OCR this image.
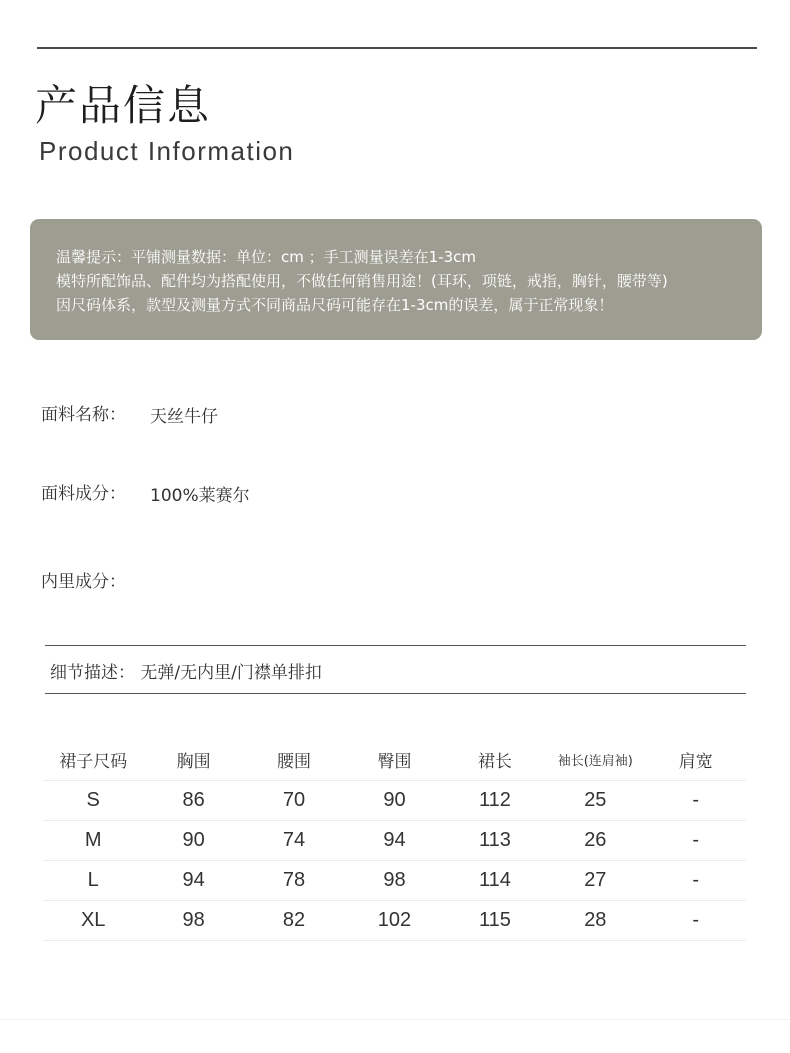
产品信息
Product Information
温馨提示：平铺测量数据：单位：cm ；手工测量误差在1-3cm
模特所配饰品、配件均为搭配使用，不做任何销售用途！(耳环，项链，戒指，胸针，腰带等)
因尺码体系，款型及测量方式不同商品尺码可能存在1-3cm的误差，属于正常现象！
面料名称： 天丝牛仔
面料成分： 100%莱赛尔
内里成分：
细节描述： 无弹/无内里/门襟单排扣
裙子尺码	胸围	腰围	臀围	裙长	袖长(连肩袖)	肩宽
S	86	70	90	112	25	-
M	90	74	94	113	26	-
L	94	78	98	114	27	-
XL	98	82	102	115	28	-
